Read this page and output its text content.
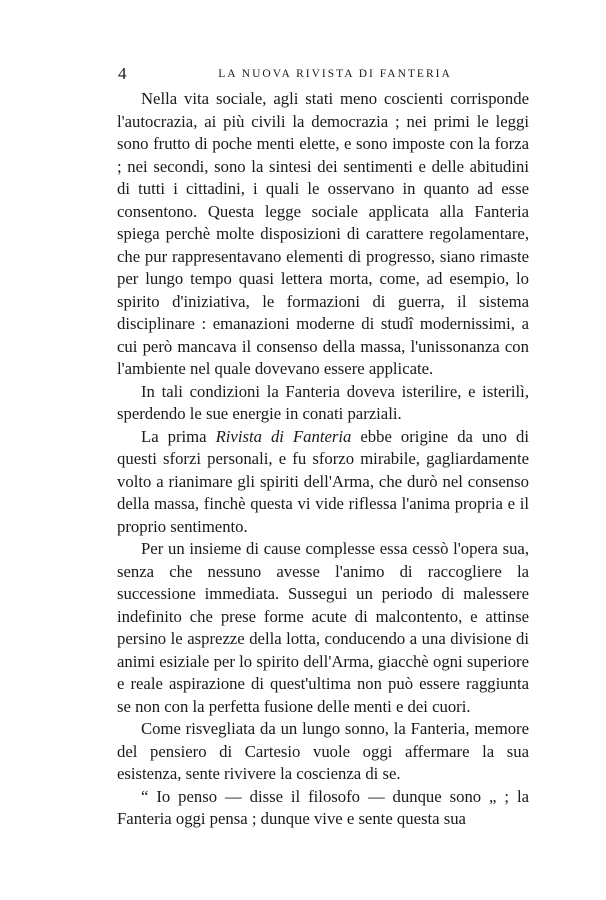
4	LA NUOVA RIVISTA DI FANTERIA

Nella vita sociale, agli stati meno coscienti corrisponde l'autocrazia, ai più civili la democrazia ; nei primi le leggi sono frutto di poche menti elette, e sono imposte con la forza ; nei secondi, sono la sintesi dei sentimenti e delle abitudini di tutti i cittadini, i quali le osservano in quanto ad esse consentono. Questa legge sociale applicata alla Fanteria spiega perchè molte disposizioni di carattere regolamentare, che pur rappresentavano elementi di progresso, siano rimaste per lungo tempo quasi lettera morta, come, ad esempio, lo spirito d'iniziativa, le formazioni di guerra, il sistema disciplinare : emanazioni moderne di studî modernissimi, a cui però mancava il consenso della massa, l'unissonanza con l'ambiente nel quale dovevano essere applicate.

In tali condizioni la Fanteria doveva isterilire, e isterilì, sperdendo le sue energie in conati parziali.

La prima Rivista di Fanteria ebbe origine da uno di questi sforzi personali, e fu sforzo mirabile, gagliardamente volto a rianimare gli spiriti dell'Arma, che durò nel consenso della massa, finchè questa vi vide riflessa l'anima propria e il proprio sentimento.

Per un insieme di cause complesse essa cessò l'opera sua, senza che nessuno avesse l'animo di raccogliere la successione immediata. Sussegui un periodo di malessere indefinito che prese forme acute di malcontento, e attinse persino le asprezze della lotta, conducendo a una divisione di animi esiziale per lo spirito dell'Arma, giacchè ogni superiore e reale aspirazione di quest'ultima non può essere raggiunta se non con la perfetta fusione delle menti e dei cuori.

Come risvegliata da un lungo sonno, la Fanteria, memore del pensiero di Cartesio vuole oggi affermare la sua esistenza, sente rivivere la coscienza di se.

“ Io penso — disse il filosofo — dunque sono „ ; la Fanteria oggi pensa ; dunque vive e sente questa sua
